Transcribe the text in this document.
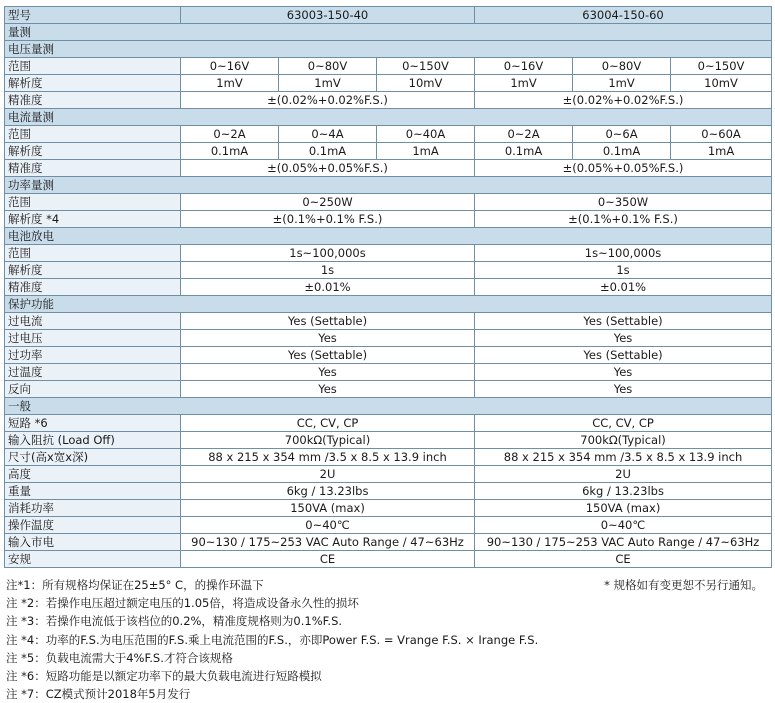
型号	63003-150-40			63004-150-60		
量测						
电压量测						
范围	0~16V	0~80V	0~150V	0~16V	0~80V	0~150V
解析度	1mV	1mV	10mV	1mV	1mV	10mV
精准度	±(0.02%+0.02%F.S.)			±(0.02%+0.02%F.S.)		
电流量测						
范围	0~2A	0~4A	0~40A	0~2A	0~6A	0~60A
解析度	0.1mA	0.1mA	1mA	0.1mA	0.1mA	1mA
精准度	±(0.05%+0.05%F.S.)			±(0.05%+0.05%F.S.)		
功率量测						
范围	0~250W			0~350W		
解析度 *4	±(0.1%+0.1% F.S.)			±(0.1%+0.1% F.S.)		
电池放电						
范围	1s~100,000s			1s~100,000s		
解析度	1s			1s		
精准度	±0.01%			±0.01%		
保护功能						
过电流	Yes (Settable)			Yes (Settable)		
过电压	Yes			Yes		
过功率	Yes (Settable)			Yes (Settable)		
过温度	Yes			Yes		
反向	Yes			Yes		
一般						
短路 *6	CC, CV, CP			CC, CV, CP		
输入阻抗 (Load Off)	700kΩ(Typical)			700kΩ(Typical)		
尺寸(高x宽x深)	88 x 215 x 354 mm /3.5 x 8.5 x 13.9 inch			88 x 215 x 354 mm /3.5 x 8.5 x 13.9 inch		
高度	2U			2U		
重量	6kg / 13.23lbs			6kg / 13.23lbs		
消耗功率	150VA (max)			150VA (max)		
操作温度	0~40℃			0~40℃		
输入市电	90~130 / 175~253 VAC Auto Range / 47~63Hz			90~130 / 175~253 VAC Auto Range / 47~63Hz		
安规	CE			CE		
* 规格如有变更恕不另行通知。
注*1：所有规格均保证在25±5° C，的操作环温下
注 *2：若操作电压超过额定电压的1.05倍，将造成设备永久性的损坏
注 *3：若操作电流低于该档位的0.2%，精准度规格则为0.1%F.S.
注 *4：功率的F.S.为电压范围的F.S.乘上电流范围的F.S.，亦即Power F.S. = Vrange F.S. × Irange F.S.
注 *5：负载电流需大于4%F.S.才符合该规格
注 *6：短路功能是以额定功率下的最大负载电流进行短路模拟
注 *7：CZ模式预计2018年5月发行
